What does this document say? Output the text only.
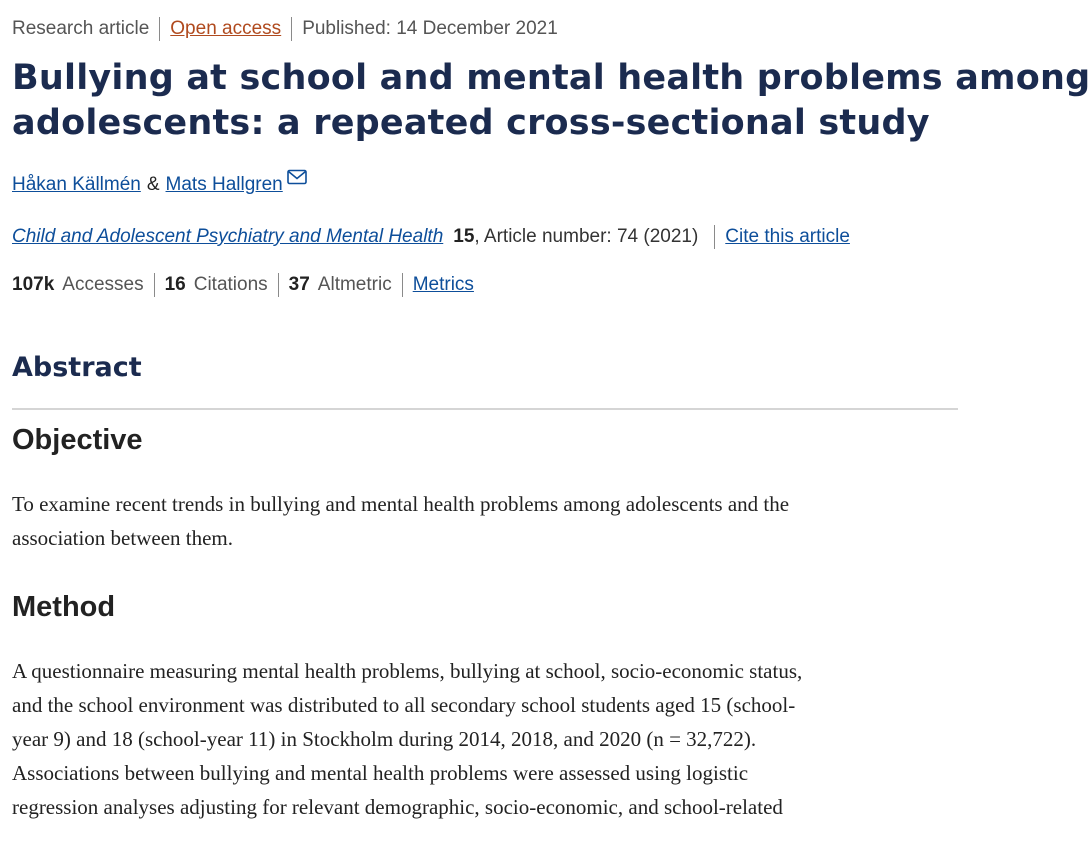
Research article Open access Published: 14 December 2021
Bullying at school and mental health problems among
adolescents: a repeated cross-sectional study
Håkan Källmén & Mats Hallgren
Child and Adolescent Psychiatry and Mental Health 15 , Article number: 74 (2021) Cite this article
107k Accesses 16 Citations 37 Altmetric Metrics
Abstract
Objective

To examine recent trends in bullying and mental health problems among adolescents and the
association between them.

Method

A questionnaire measuring mental health problems, bullying at school, socio-economic status,
and the school environment was distributed to all secondary school students aged 15 (school-
year 9) and 18 (school-year 11) in Stockholm during 2014, 2018, and 2020 (n = 32,722).
Associations between bullying and mental health problems were assessed using logistic
regression analyses adjusting for relevant demographic, socio-economic, and school-related
